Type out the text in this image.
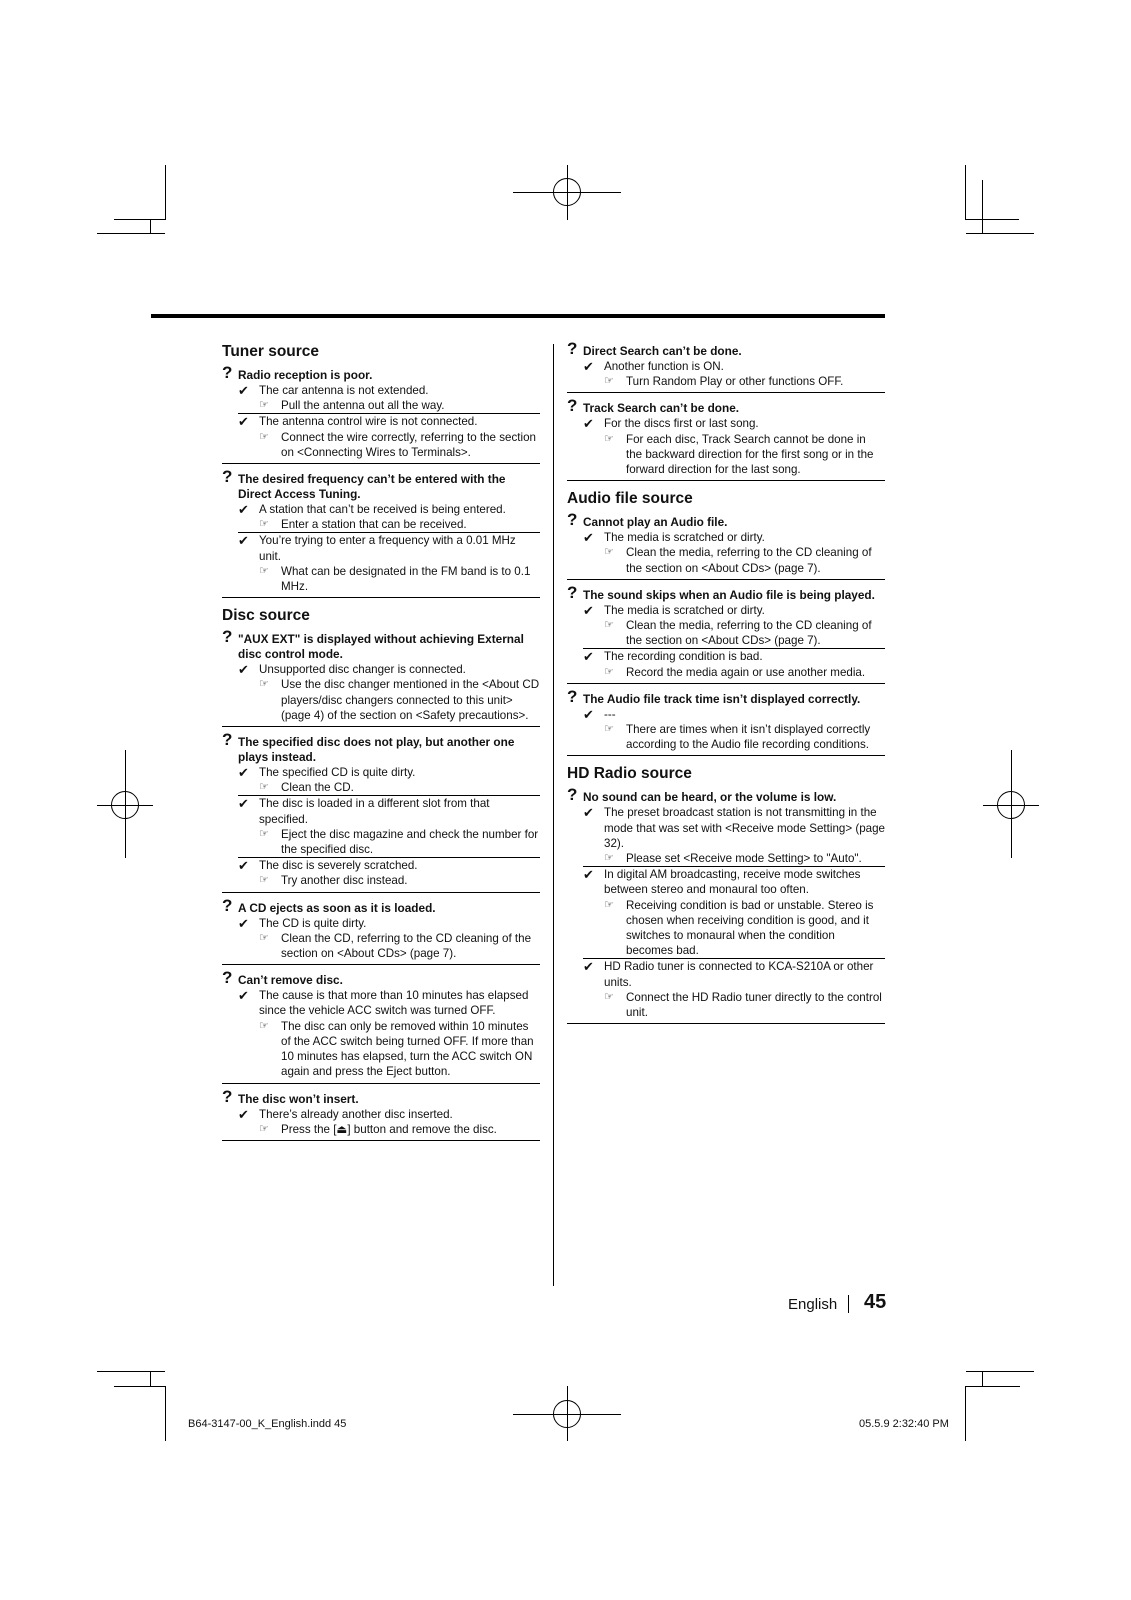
Tuner source
? Radio reception is poor.
✔ The car antenna is not extended.
☞ Pull the antenna out all the way.
✔ The antenna control wire is not connected.
☞ Connect the wire correctly, referring to the section on <Connecting Wires to Terminals>.
? The desired frequency can’t be entered with the Direct Access Tuning.
✔ A station that can’t be received is being entered.
☞ Enter a station that can be received.
✔ You’re trying to enter a frequency with a 0.01 MHz unit.
☞ What can be designated in the FM band is to 0.1 MHz.
Disc source
? "AUX EXT" is displayed without achieving External disc control mode.
✔ Unsupported disc changer is connected.
☞ Use the disc changer mentioned in the <About CD players/disc changers connected to this unit> (page 4) of the section on <Safety precautions>.
? The specified disc does not play, but another one plays instead.
✔ The specified CD is quite dirty.
☞ Clean the CD.
✔ The disc is loaded in a different slot from that specified.
☞ Eject the disc magazine and check the number for the specified disc.
✔ The disc is severely scratched.
☞ Try another disc instead.
? A CD ejects as soon as it is loaded.
✔ The CD is quite dirty.
☞ Clean the CD, referring to the CD cleaning of the section on <About CDs> (page 7).
? Can’t remove disc.
✔ The cause is that more than 10 minutes has elapsed since the vehicle ACC switch was turned OFF.
☞ The disc can only be removed within 10 minutes of the ACC switch being turned OFF. If more than 10 minutes has elapsed, turn the ACC switch ON again and press the Eject button.
? The disc won’t insert.
✔ There’s already another disc inserted.
☞ Press the [⏏] button and remove the disc.
? Direct Search can’t be done.
✔ Another function is ON.
☞ Turn Random Play or other functions OFF.
? Track Search can’t be done.
✔ For the discs first or last song.
☞ For each disc, Track Search cannot be done in the backward direction for the first song or in the forward direction for the last song.
Audio file source
? Cannot play an Audio file.
✔ The media is scratched or dirty.
☞ Clean the media, referring to the CD cleaning of the section on <About CDs> (page 7).
? The sound skips when an Audio file is being played.
✔ The media is scratched or dirty.
☞ Clean the media, referring to the CD cleaning of the section on <About CDs> (page 7).
✔ The recording condition is bad.
☞ Record the media again or use another media.
? The Audio file track time isn’t displayed correctly.
✔ ---
☞ There are times when it isn’t displayed correctly according to the Audio file recording conditions.
HD Radio source
? No sound can be heard, or the volume is low.
✔ The preset broadcast station is not transmitting in the mode that was set with <Receive mode Setting> (page 32).
☞ Please set <Receive mode Setting> to "Auto".
✔ In digital AM broadcasting, receive mode switches between stereo and monaural too often.
☞ Receiving condition is bad or unstable. Stereo is chosen when receiving condition is good, and it switches to monaural when the condition becomes bad.
✔ HD Radio tuner is connected to KCA-S210A or other units.
☞ Connect the HD Radio tuner directly to the control unit.
English 45
B64-3147-00_K_English.indd 45	05.5.9 2:32:40 PM
